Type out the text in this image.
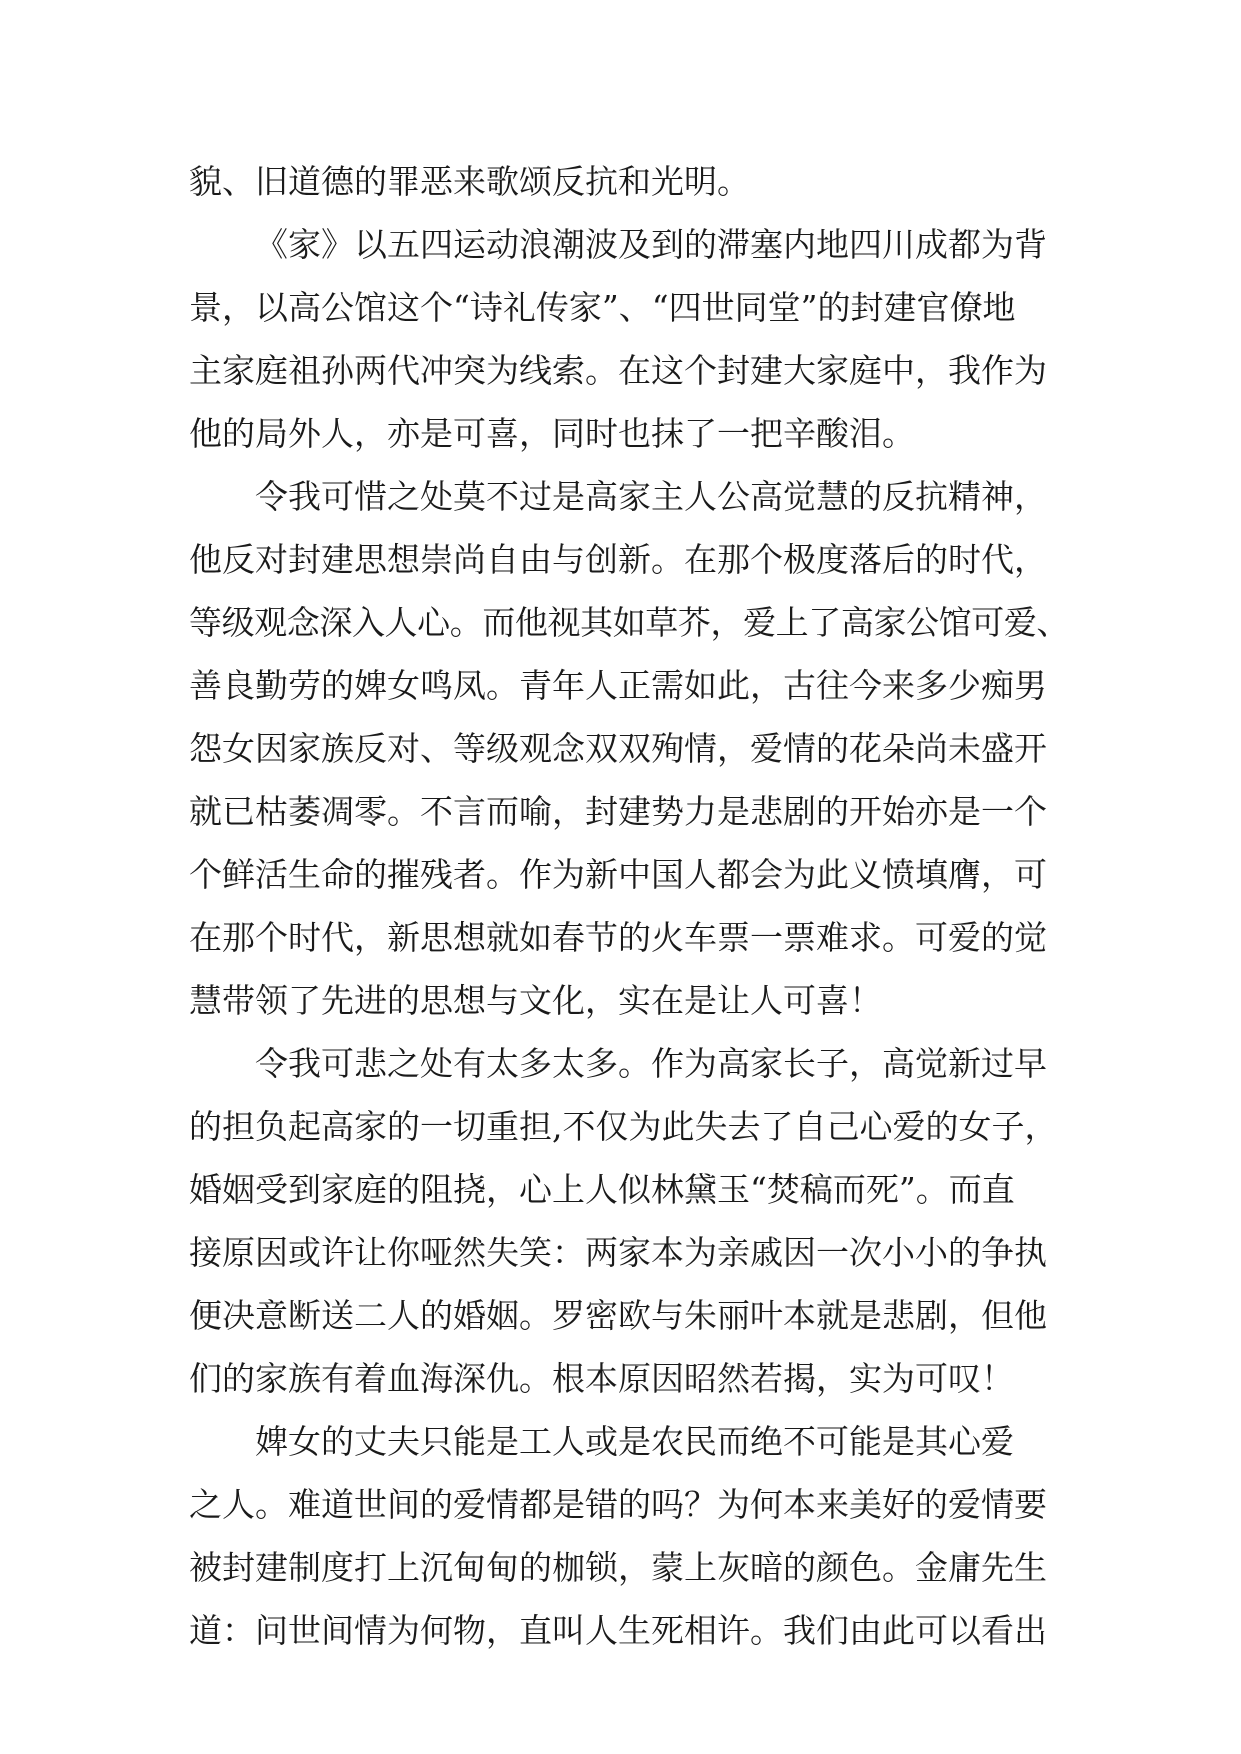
貌、旧道德的罪恶来歌颂反抗和光明。
《家》以五四运动浪潮波及到的滞塞内地四川成都为背
景，以高公馆这个“诗礼传家”、“四世同堂”的封建官僚地
主家庭祖孙两代冲突为线索。在这个封建大家庭中，我作为
他的局外人，亦是可喜，同时也抹了一把辛酸泪。
令我可惜之处莫不过是高家主人公高觉慧的反抗精神，
他反对封建思想崇尚自由与创新。在那个极度落后的时代，
等级观念深入人心。而他视其如草芥，爱上了高家公馆可爱、
善良勤劳的婢女鸣凤。青年人正需如此，古往今来多少痴男
怨女因家族反对、等级观念双双殉情，爱情的花朵尚未盛开
就已枯萎凋零。不言而喻，封建势力是悲剧的开始亦是一个
个鲜活生命的摧残者。作为新中国人都会为此义愤填膺，可
在那个时代，新思想就如春节的火车票一票难求。可爱的觉
慧带领了先进的思想与文化，实在是让人可喜！
令我可悲之处有太多太多。作为高家长子，高觉新过早
的担负起高家的一切重担,不仅为此失去了自己心爱的女子，
婚姻受到家庭的阻挠，心上人似林黛玉“焚稿而死”。而直
接原因或许让你哑然失笑：两家本为亲戚因一次小小的争执
便决意断送二人的婚姻。罗密欧与朱丽叶本就是悲剧，但他
们的家族有着血海深仇。根本原因昭然若揭，实为可叹！
婢女的丈夫只能是工人或是农民而绝不可能是其心爱
之人。难道世间的爱情都是错的吗？为何本来美好的爱情要
被封建制度打上沉甸甸的枷锁，蒙上灰暗的颜色。金庸先生
道：问世间情为何物，直叫人生死相许。我们由此可以看出
